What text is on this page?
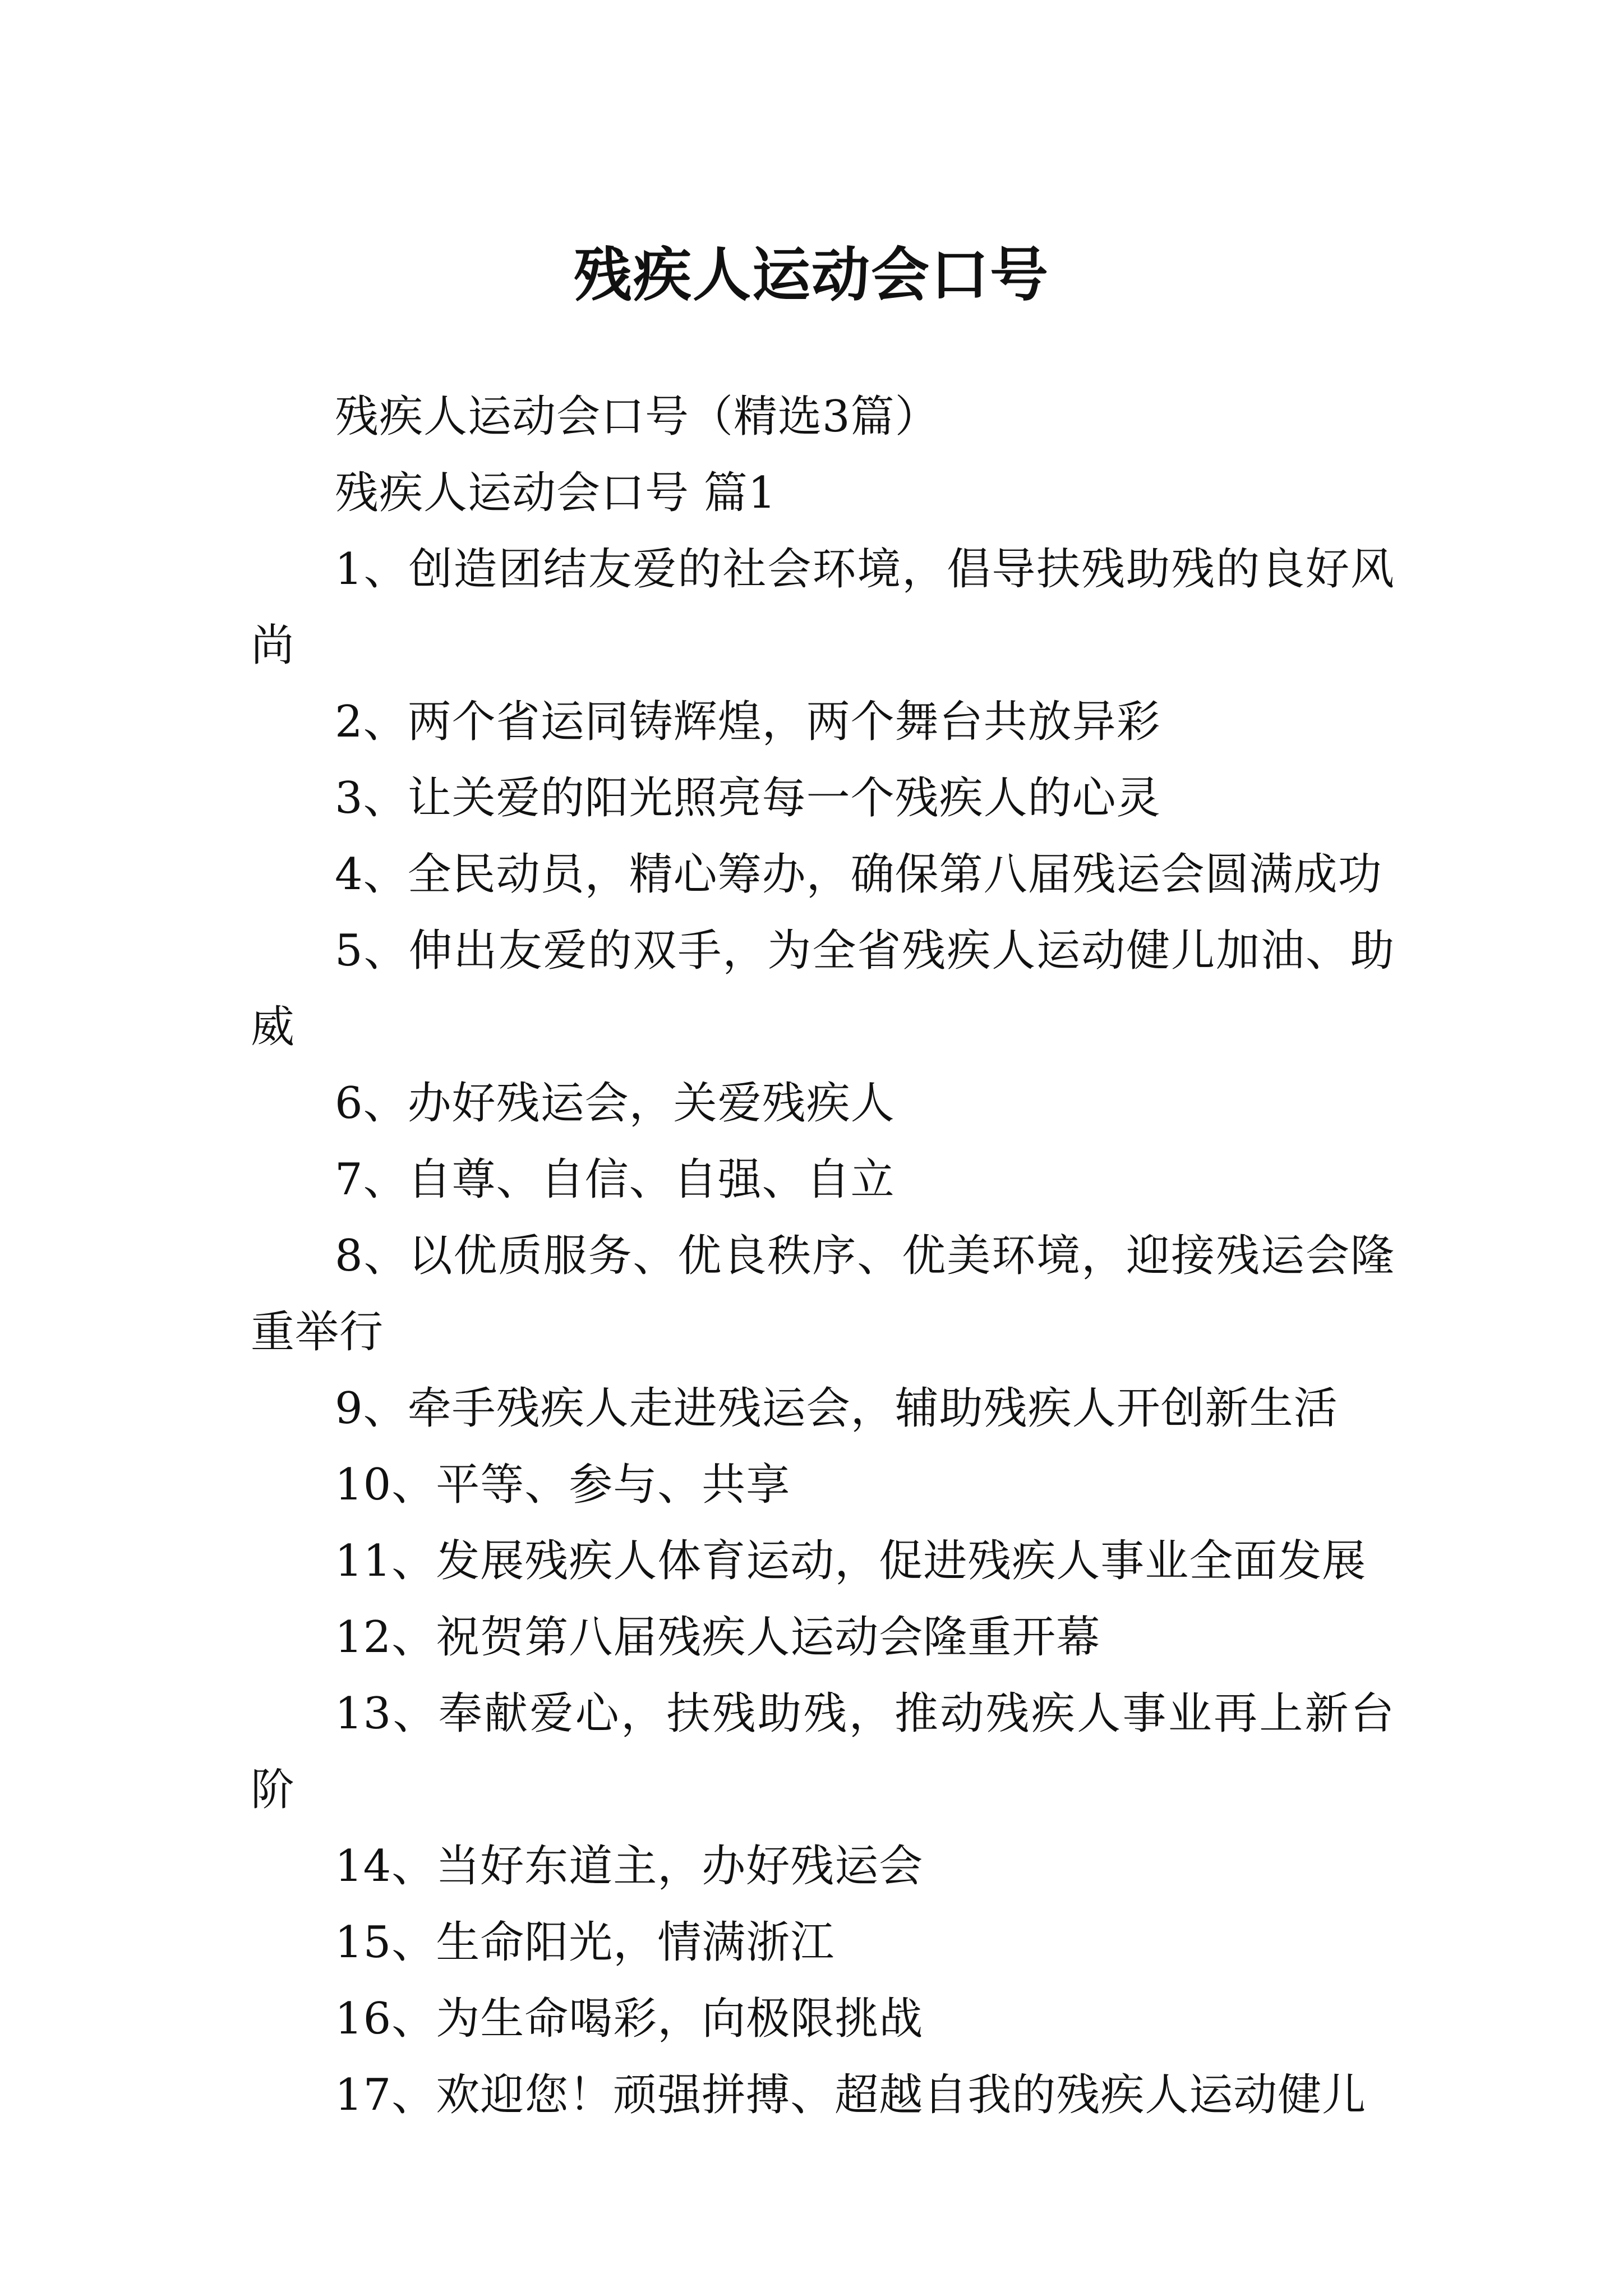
残疾人运动会口号

残疾人运动会口号（精选3篇）

残疾人运动会口号 篇1

1、创造团结友爱的社会环境，倡导扶残助残的良好风尚

2、两个省运同铸辉煌，两个舞台共放异彩

3、让关爱的阳光照亮每一个残疾人的心灵

4、全民动员，精心筹办，确保第八届残运会圆满成功

5、伸出友爱的双手，为全省残疾人运动健儿加油、助威

6、办好残运会，关爱残疾人

7、自尊、自信、自强、自立

8、以优质服务、优良秩序、优美环境，迎接残运会隆重举行

9、牵手残疾人走进残运会，辅助残疾人开创新生活

10、平等、参与、共享

11、发展残疾人体育运动，促进残疾人事业全面发展

12、祝贺第八届残疾人运动会隆重开幕

13、奉献爱心，扶残助残，推动残疾人事业再上新台阶

14、当好东道主，办好残运会

15、生命阳光，情满浙江

16、为生命喝彩，向极限挑战

17、欢迎您！顽强拼搏、超越自我的残疾人运动健儿
